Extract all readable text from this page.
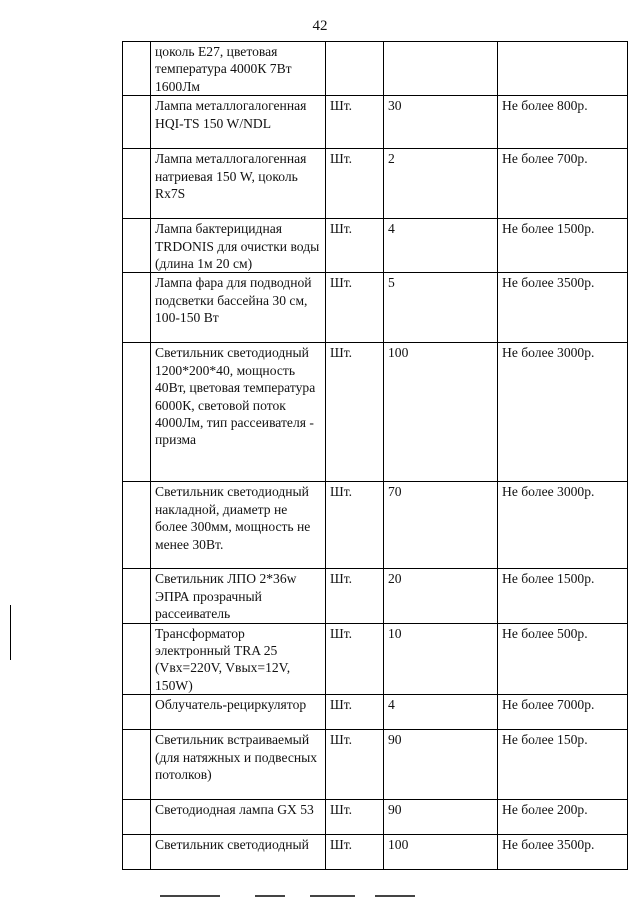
42
	цоколь Е27, цветовая температура 4000К 7Вт 1600Лм			
	Лампа металлогалогенная HQI-TS 150 W/NDL	Шт.	30	Не более 800р.
	Лампа металлогалогенная натриевая 150 W, цоколь Rx7S	Шт.	2	Не более 700р.
	Лампа бактерицидная TRDONIS для очистки воды (длина 1м 20 см)	Шт.	4	Не более 1500р.
	Лампа фара для подводной подсветки бассейна 30 см, 100-150 Вт	Шт.	5	Не более 3500р.
	Светильник светодиодный 1200*200*40, мощность 40Вт, цветовая температура 6000К, световой поток 4000Лм, тип рассеивателя - призма	Шт.	100	Не более 3000р.
	Светильник светодиодный накладной, диаметр не более 300мм, мощность не менее 30Вт.	Шт.	70	Не более 3000р.
	Светильник ЛПО 2*36w ЭПРА прозрачный рассеиватель	Шт.	20	Не более 1500р.
	Трансформатор электронный TRA 25 (Vвх=220V, Vвых=12V, 150W)	Шт.	10	Не более 500р.
	Облучатель-рециркулятор	Шт.	4	Не более 7000р.
	Светильник встраиваемый (для натяжных и подвесных потолков)	Шт.	90	Не более 150р.
	Светодиодная лампа GX 53	Шт.	90	Не более 200р.
	Светильник светодиодный	Шт.	100	Не более 3500р.
